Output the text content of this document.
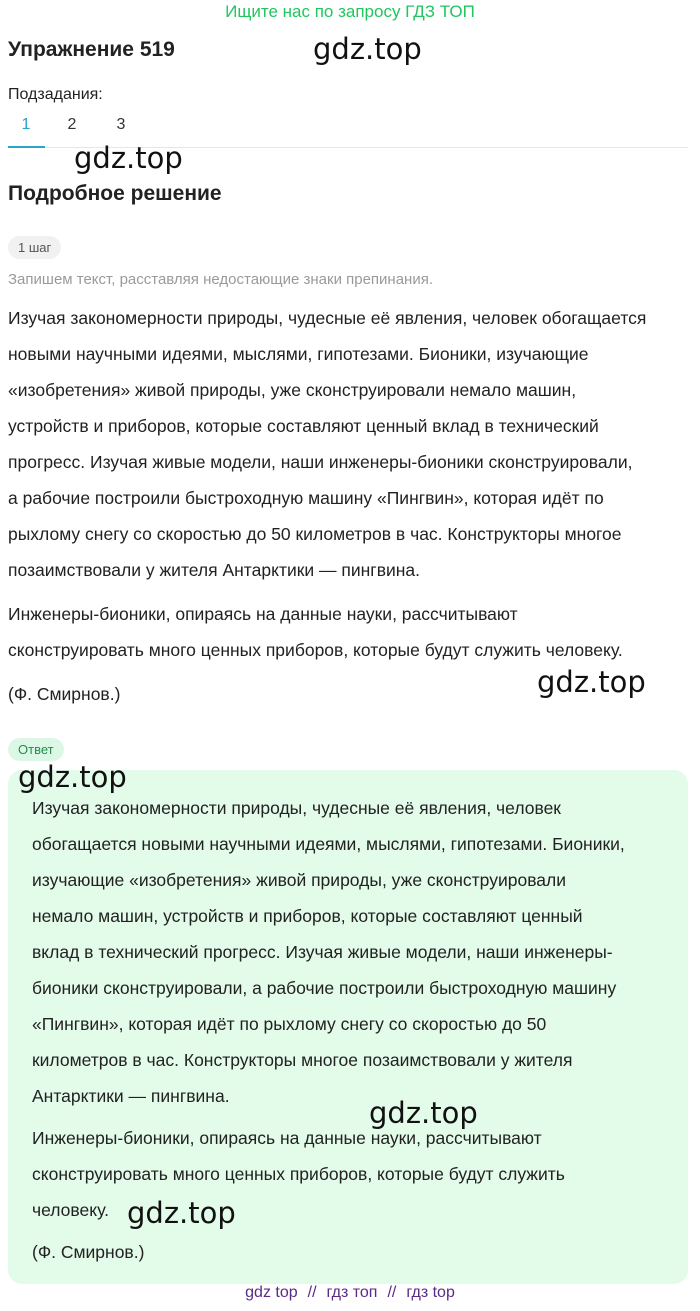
Ищите нас по запросу ГДЗ ТОП
Упражнение 519
Подзадания:
1	2	3
Подробное решение
1 шаг
Запишем текст, расставляя недостающие знаки препинания.

Изучая закономерности природы, чудесные её явления, человек обогащается
новыми научными идеями, мыслями, гипотезами. Бионики, изучающие
«изобретения» живой природы, уже сконструировали немало машин,
устройств и приборов, которые составляют ценный вклад в технический
прогресс. Изучая живые модели, наши инженеры-бионики сконструировали,
а рабочие построили быстроходную машину «Пингвин», которая идёт по
рыхлому снегу со скоростью до 50 километров в час. Конструкторы многое
позаимствовали у жителя Антарктики — пингвина.

Инженеры-бионики, опираясь на данные науки, рассчитывают
сконструировать много ценных приборов, которые будут служить человеку.

(Ф. Смирнов.)

Ответ

Изучая закономерности природы, чудесные её явления, человек
обогащается новыми научными идеями, мыслями, гипотезами. Бионики,
изучающие «изобретения» живой природы, уже сконструировали
немало машин, устройств и приборов, которые составляют ценный
вклад в технический прогресс. Изучая живые модели, наши инженеры-
бионики сконструировали, а рабочие построили быстроходную машину
«Пингвин», которая идёт по рыхлому снегу со скоростью до 50
километров в час. Конструкторы многое позаимствовали у жителя
Антарктики — пингвина.

Инженеры-бионики, опираясь на данные науки, рассчитывают
сконструировать много ценных приборов, которые будут служить
человеку.

(Ф. Смирнов.)

gdz.top
gdz.top
gdz.top
gdz.top
gdz.top
gdz.top
gdz top // гдз топ // гдз top
